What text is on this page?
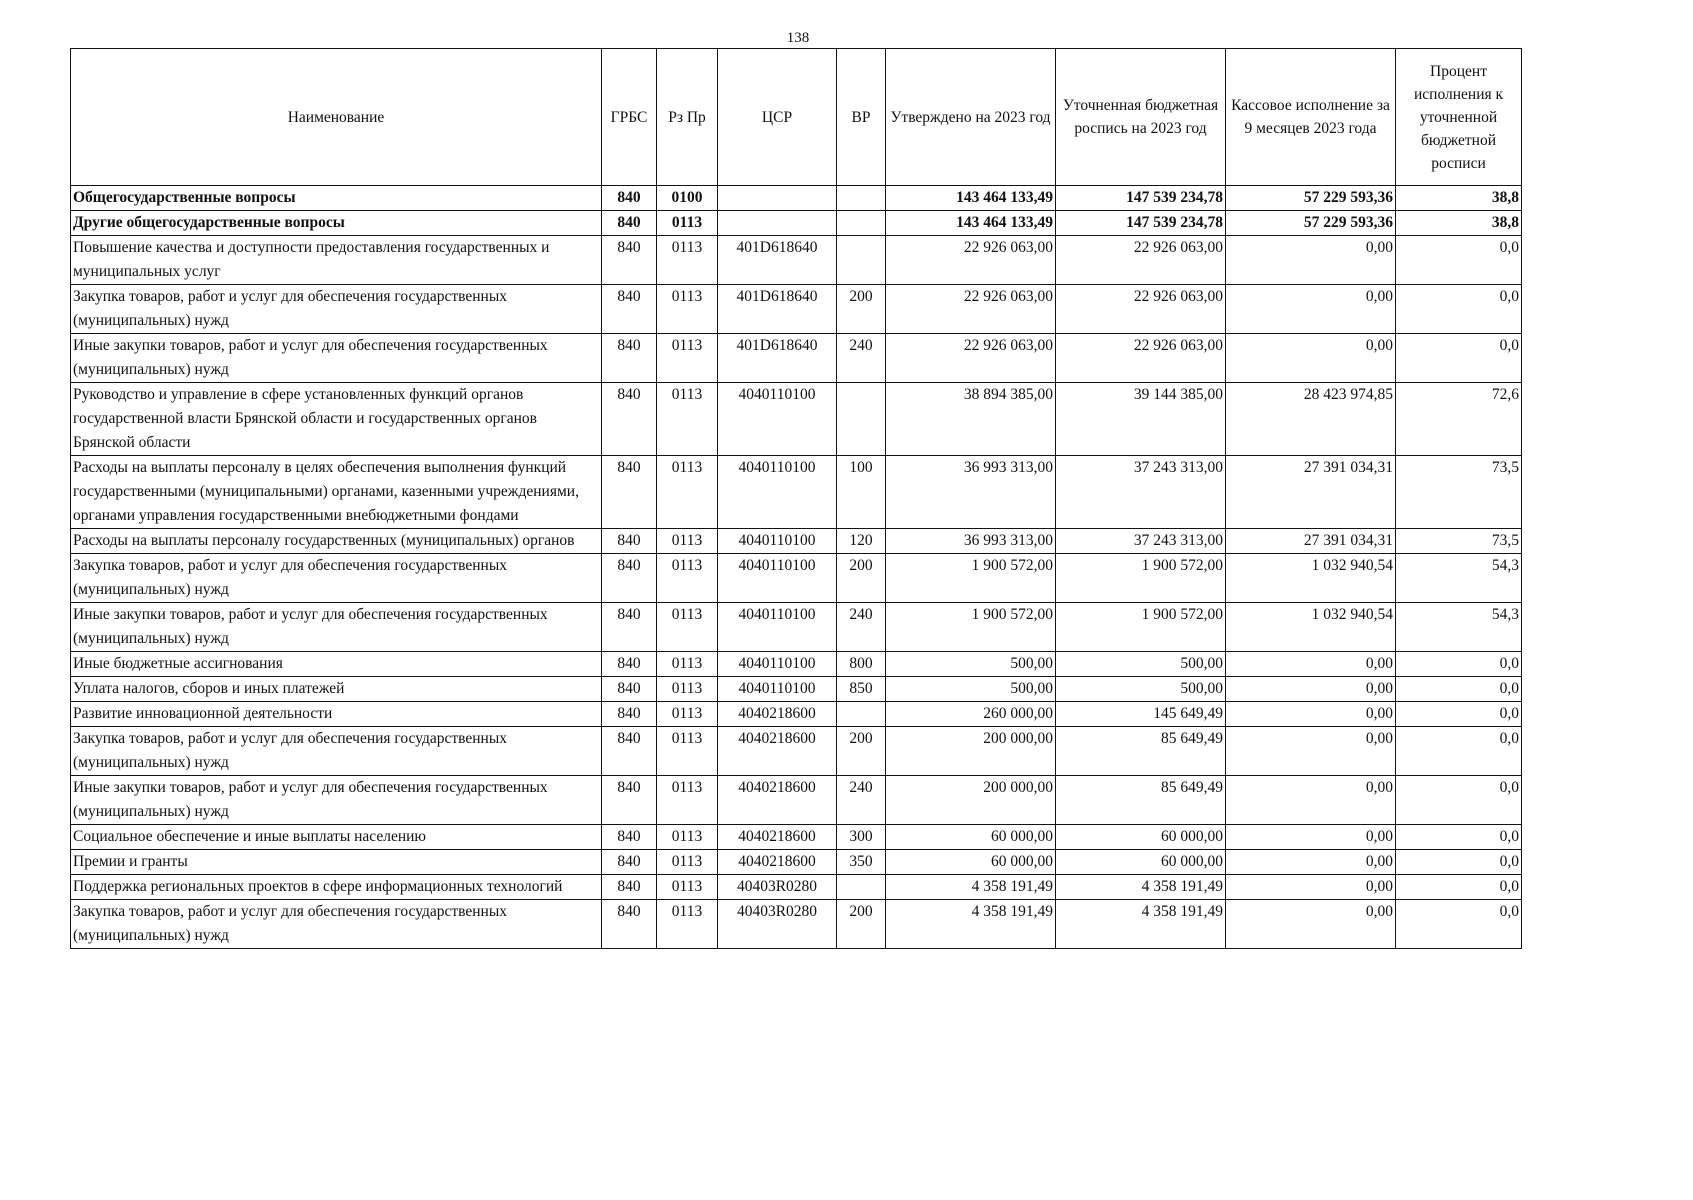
138
Наименование	ГРБС	Рз Пр	ЦСР	ВР	Утверждено на 2023 год	Уточненная бюджетная роспись на 2023 год	Кассовое исполнение за 9 месяцев 2023 года	Процент исполнения к уточненной бюджетной росписи
Общегосударственные вопросы	840	0100			143 464 133,49	147 539 234,78	57 229 593,36	38,8
Другие общегосударственные вопросы	840	0113			143 464 133,49	147 539 234,78	57 229 593,36	38,8
Повышение качества и доступности предоставления государственных и муниципальных услуг	840	0113	401D618640		22 926 063,00	22 926 063,00	0,00	0,0
Закупка товаров, работ и услуг для обеспечения государственных (муниципальных) нужд	840	0113	401D618640	200	22 926 063,00	22 926 063,00	0,00	0,0
Иные закупки товаров, работ и услуг для обеспечения государственных (муниципальных) нужд	840	0113	401D618640	240	22 926 063,00	22 926 063,00	0,00	0,0
Руководство и управление в сфере установленных функций органов государственной власти Брянской области и государственных органов Брянской области	840	0113	4040110100		38 894 385,00	39 144 385,00	28 423 974,85	72,6
Расходы на выплаты персоналу в целях обеспечения выполнения функций государственными (муниципальными) органами, казенными учреждениями, органами управления государственными внебюджетными фондами	840	0113	4040110100	100	36 993 313,00	37 243 313,00	27 391 034,31	73,5
Расходы на выплаты персоналу государственных (муниципальных) органов	840	0113	4040110100	120	36 993 313,00	37 243 313,00	27 391 034,31	73,5
Закупка товаров, работ и услуг для обеспечения государственных (муниципальных) нужд	840	0113	4040110100	200	1 900 572,00	1 900 572,00	1 032 940,54	54,3
Иные закупки товаров, работ и услуг для обеспечения государственных (муниципальных) нужд	840	0113	4040110100	240	1 900 572,00	1 900 572,00	1 032 940,54	54,3
Иные бюджетные ассигнования	840	0113	4040110100	800	500,00	500,00	0,00	0,0
Уплата налогов, сборов и иных платежей	840	0113	4040110100	850	500,00	500,00	0,00	0,0
Развитие инновационной деятельности	840	0113	4040218600		260 000,00	145 649,49	0,00	0,0
Закупка товаров, работ и услуг для обеспечения государственных (муниципальных) нужд	840	0113	4040218600	200	200 000,00	85 649,49	0,00	0,0
Иные закупки товаров, работ и услуг для обеспечения государственных (муниципальных) нужд	840	0113	4040218600	240	200 000,00	85 649,49	0,00	0,0
Социальное обеспечение и иные выплаты населению	840	0113	4040218600	300	60 000,00	60 000,00	0,00	0,0
Премии и гранты	840	0113	4040218600	350	60 000,00	60 000,00	0,00	0,0
Поддержка региональных проектов в сфере информационных технологий	840	0113	40403R0280		4 358 191,49	4 358 191,49	0,00	0,0
Закупка товаров, работ и услуг для обеспечения государственных (муниципальных) нужд	840	0113	40403R0280	200	4 358 191,49	4 358 191,49	0,00	0,0
